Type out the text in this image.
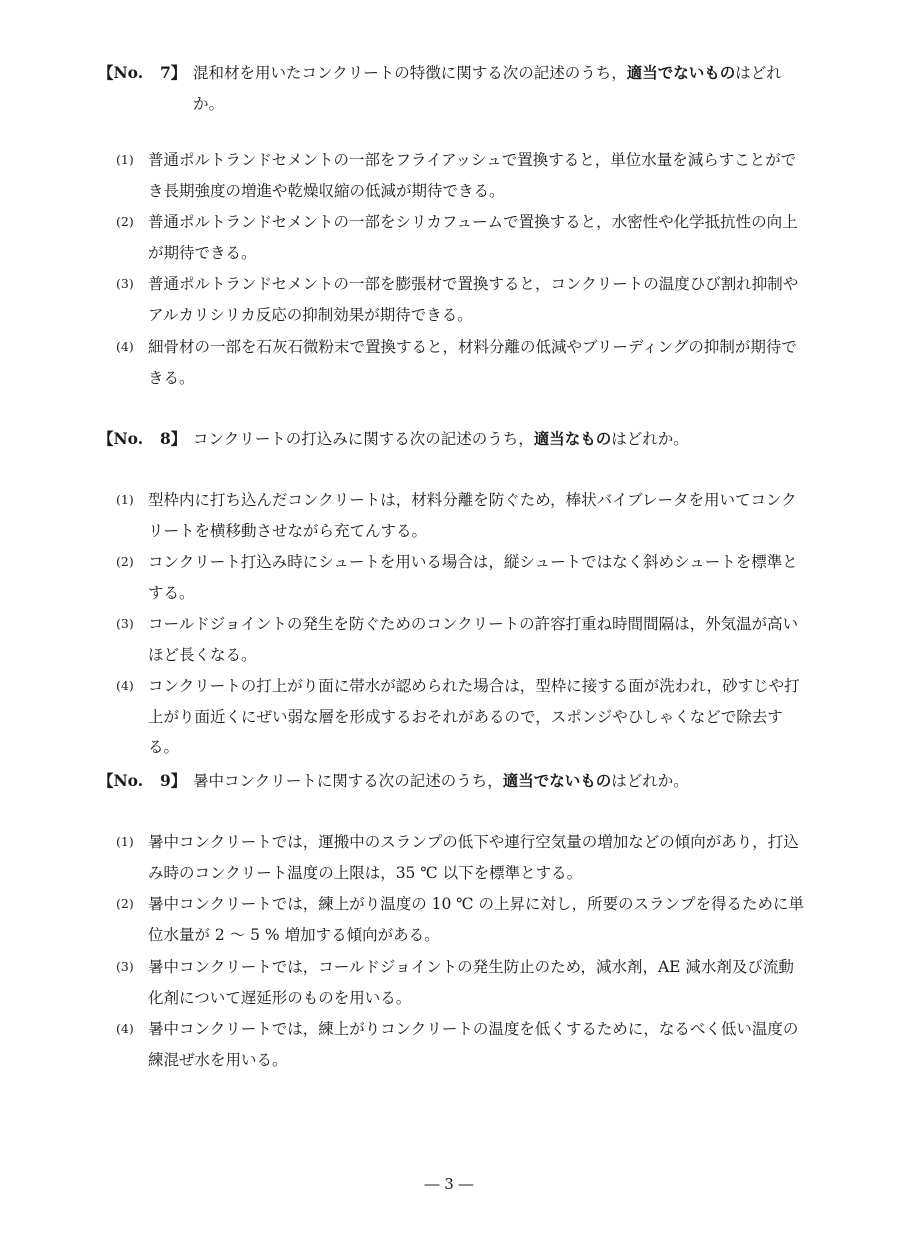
【No. 7】 混和材を用いたコンクリートの特徴に関する次の記述のうち，適当でないものはどれか。
(1) 普通ポルトランドセメントの一部をフライアッシュで置換すると，単位水量を減らすことができ長期強度の増進や乾燥収縮の低減が期待できる。
(2) 普通ポルトランドセメントの一部をシリカフュームで置換すると，水密性や化学抵抗性の向上が期待できる。
(3) 普通ポルトランドセメントの一部を膨張材で置換すると，コンクリートの温度ひび割れ抑制やアルカリシリカ反応の抑制効果が期待できる。
(4) 細骨材の一部を石灰石微粉末で置換すると，材料分離の低減やブリーディングの抑制が期待できる。
【No. 8】 コンクリートの打込みに関する次の記述のうち，適当なものはどれか。
(1) 型枠内に打ち込んだコンクリートは，材料分離を防ぐため，棒状バイブレータを用いてコンクリートを横移動させながら充てんする。
(2) コンクリート打込み時にシュートを用いる場合は，縦シュートではなく斜めシュートを標準とする。
(3) コールドジョイントの発生を防ぐためのコンクリートの許容打重ね時間間隔は，外気温が高いほど長くなる。
(4) コンクリートの打上がり面に帯水が認められた場合は，型枠に接する面が洗われ，砂すじや打上がり面近くにぜい弱な層を形成するおそれがあるので，スポンジやひしゃくなどで除去する。
【No. 9】 暑中コンクリートに関する次の記述のうち，適当でないものはどれか。
(1) 暑中コンクリートでは，運搬中のスランプの低下や連行空気量の増加などの傾向があり，打込み時のコンクリート温度の上限は，35 ℃ 以下を標準とする。
(2) 暑中コンクリートでは，練上がり温度の 10 ℃ の上昇に対し，所要のスランプを得るために単位水量が 2 ～ 5 % 増加する傾向がある。
(3) 暑中コンクリートでは，コールドジョイントの発生防止のため，減水剤，AE 減水剤及び流動化剤について遅延形のものを用いる。
(4) 暑中コンクリートでは，練上がりコンクリートの温度を低くするために，なるべく低い温度の練混ぜ水を用いる。
― 3 ―
